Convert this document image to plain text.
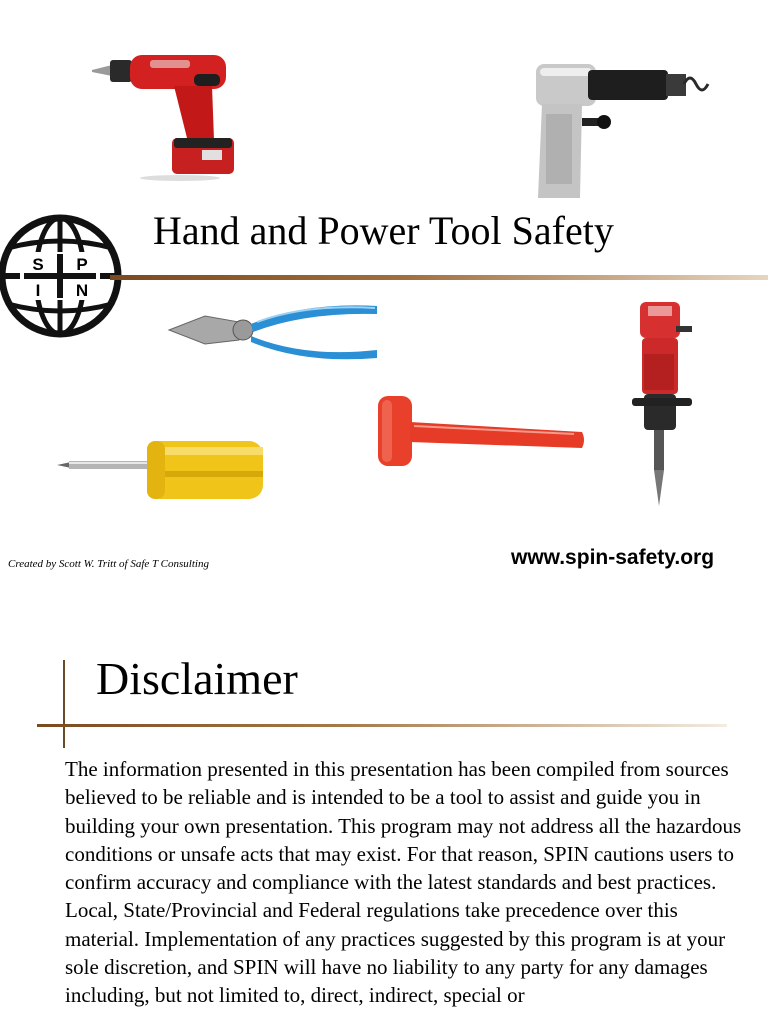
S P
I N
Hand and Power Tool Safety
Created by Scott W. Tritt of Safe T Consulting	www.spin-safety.org
Disclaimer
The information presented in this presentation has been compiled from sources believed to be reliable and is intended to be a tool to assist and guide you in building your own presentation. This program may not address all the hazardous conditions or unsafe acts that may exist. For that reason, SPIN cautions users to confirm accuracy and compliance with the latest standards and best practices. Local, State/Provincial and Federal regulations take precedence over this material. Implementation of any practices suggested by this program is at your sole discretion, and SPIN will have no liability to any party for any damages including, but not limited to, direct, indirect, special or
